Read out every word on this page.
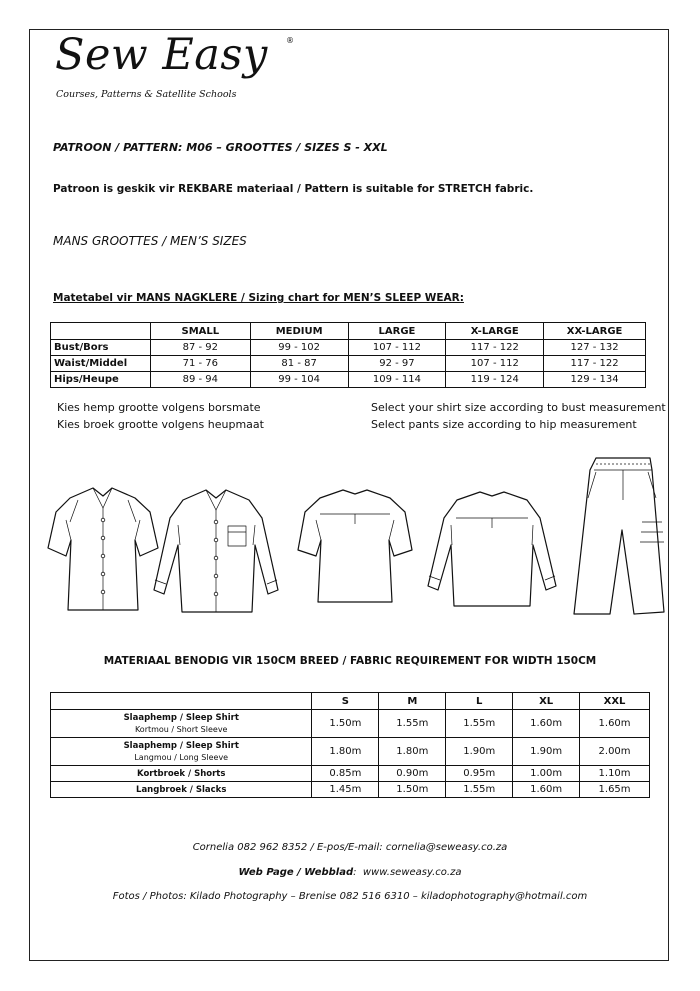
Sew Easy ®
Courses, Patterns & Satellite Schools
PATROON / PATTERN: M06 – GROOTTES / SIZES S - XXL
Patroon is geskik vir REKBARE materiaal / Pattern is suitable for STRETCH fabric.
MANS GROOTTES / MEN’S SIZES
Matetabel vir MANS NAGKLERE / Sizing chart for MEN’S SLEEP WEAR:
	SMALL	MEDIUM	LARGE	X-LARGE	XX-LARGE
Bust/Bors	87 - 92	99 - 102	107 - 112	117 - 122	127 - 132
Waist/Middel	71 - 76	81 - 87	92 - 97	107 - 112	117 - 122
Hips/Heupe	89 - 94	99 - 104	109 - 114	119 - 124	129 - 134
Kies hemp grootte volgens borsmate
Kies broek grootte volgens heupmaat
Select your shirt size according to bust measurement
Select pants size according to hip measurement
MATERIAAL BENODIG VIR 150CM BREED / FABRIC REQUIREMENT FOR WIDTH 150CM
	S	M	L	XL	XXL
Slaaphemp / Sleep Shirt
Kortmou / Short Sleeve	1.50m	1.55m	1.55m	1.60m	1.60m
Slaaphemp / Sleep Shirt
Langmou / Long Sleeve	1.80m	1.80m	1.90m	1.90m	2.00m
Kortbroek / Shorts	0.85m	0.90m	0.95m	1.00m	1.10m
Langbroek / Slacks	1.45m	1.50m	1.55m	1.60m	1.65m
Cornelia 082 962 8352 / E-pos/E-mail: cornelia@seweasy.co.za
Web Page / Webblad:  www.seweasy.co.za
Fotos / Photos: Kilado Photography – Brenise 082 516 6310 – kiladophotography@hotmail.com
